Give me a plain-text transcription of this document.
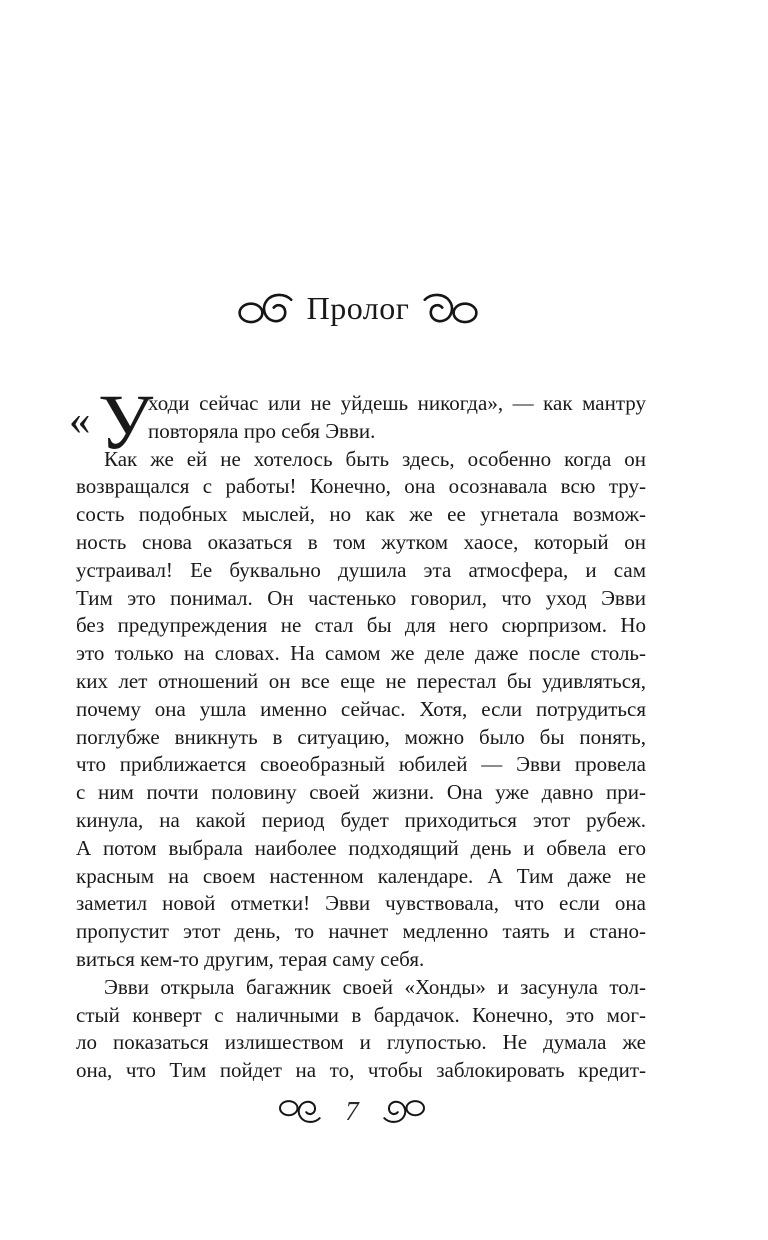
Пролог
« У
ходи сейчас или не уйдешь никогда», — как мантру
повторяла про себя Эвви.
Как же ей не хотелось быть здесь, особенно когда он
возвращался с работы! Конечно, она осознавала всю тру-
сость подобных мыслей, но как же ее угнетала возмож-
ность снова оказаться в том жутком хаосе, который он
устраивал! Ее буквально душила эта атмосфера, и сам
Тим это понимал. Он частенько говорил, что уход Эвви
без предупреждения не стал бы для него сюрпризом. Но
это только на словах. На самом же деле даже после столь-
ких лет отношений он все еще не перестал бы удивляться,
почему она ушла именно сейчас. Хотя, если потрудиться
поглубже вникнуть в ситуацию, можно было бы понять,
что приближается своеобразный юбилей — Эвви провела
с ним почти половину своей жизни. Она уже давно при-
кинула, на какой период будет приходиться этот рубеж.
А потом выбрала наиболее подходящий день и обвела его
красным на своем настенном календаре. А Тим даже не
заметил новой отметки! Эвви чувствовала, что если она
пропустит этот день, то начнет медленно таять и стано-
виться кем-то другим, терая саму себя.
Эвви открыла багажник своей «Хонды» и засунула тол-
стый конверт с наличными в бардачок. Конечно, это мог-
ло показаться излишеством и глупостью. Не думала же
она, что Тим пойдет на то, чтобы заблокировать кредит-
7
